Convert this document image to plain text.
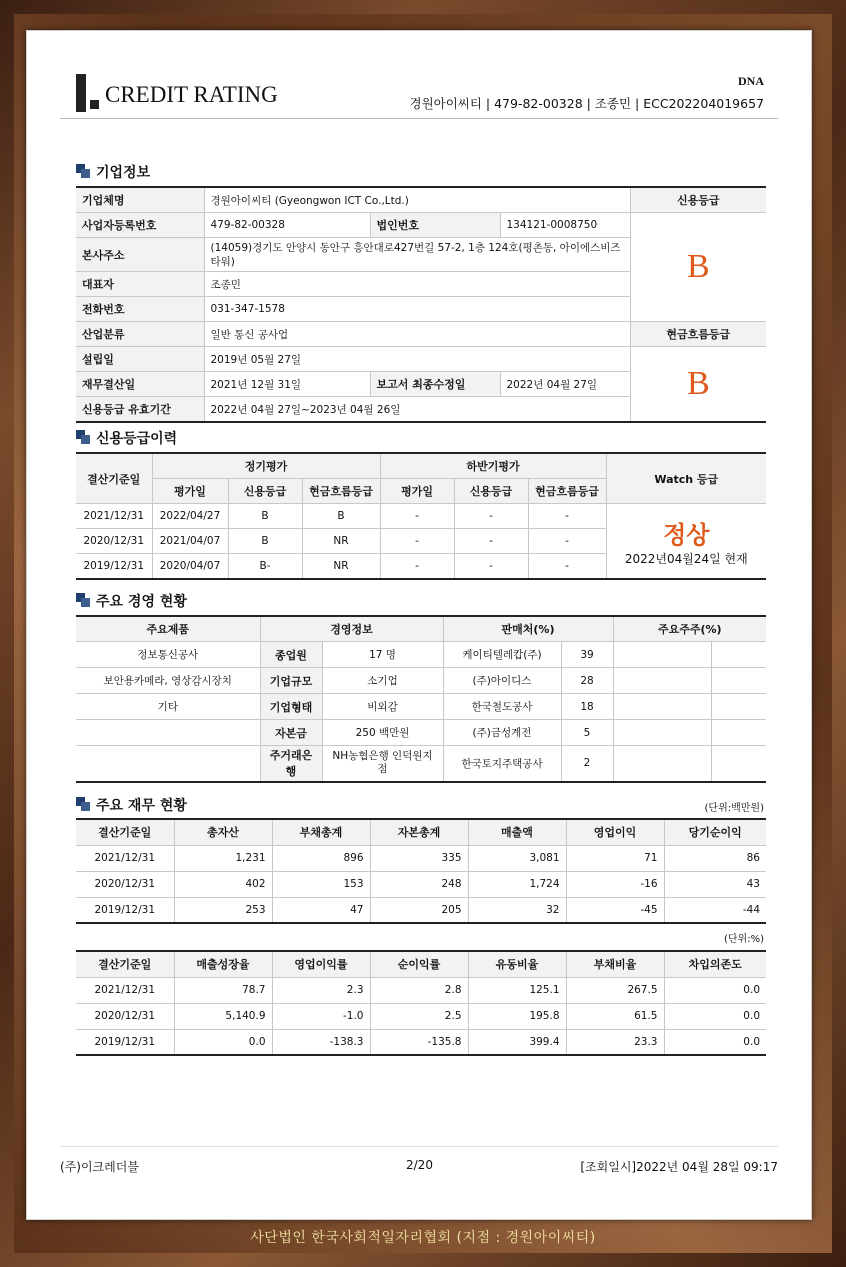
CREDIT RATING
DNA
경원아이씨티 | 479-82-00328 | 조종민 | ECC202204019657
기업정보
기업체명	경원아이씨티 (Gyeongwon ICT Co.,Ltd.)			신용등급
사업자등록번호	479-82-00328	법인번호	134121-0008750	B
본사주소	(14059)경기도 안양시 동안구 흥안대로427번길 57-2, 1층 124호(평촌동, 아이에스비즈타워)			
대표자	조종민			
전화번호	031-347-1578			
산업분류	일반 통신 공사업			현금흐름등급
설립일	2019년 05월 27일			B
재무결산일	2021년 12월 31일	보고서 최종수정일	2022년 04월 27일	
신용등급 유효기간	2022년 04월 27일~2023년 04월 26일			
신용등급이력
결산기준일	정기평가			하반기평가			Watch 등급
	평가일	신용등급	현금흐름등급	평가일	신용등급	현금흐름등급	
2021/12/31	2022/04/27	B	B	-	-	-	정상
2022년04월24일 현재

2020/12/31	2021/04/07	B	NR	-	-	-	
2019/12/31	2020/04/07	B-	NR	-	-	-	
주요 경영 현황
주요제품	경영정보		판매처(%)		주요주주(%)	
정보통신공사	종업원	17 명	케이티텔레캅(주)	39		
보안용카메라, 영상감시장치	기업규모	소기업	(주)아이디스	28		
기타	기업형태	비외감	한국철도공사	18		
	자본금	250 백만원	(주)금성계전	5		
	주거래은행	NH농협은행 인덕원지점	한국토지주택공사	2		
주요 재무 현황	(단위:백만원)
결산기준일	총자산	부채총계	자본총계	매출액	영업이익	당기순이익
2021/12/31	1,231	896	335	3,081	71	86
2020/12/31	402	153	248	1,724	-16	43
2019/12/31	253	47	205	32	-45	-44
(단위:%)
결산기준일	매출성장율	영업이익률	순이익률	유동비율	부채비율	차입의존도
2021/12/31	78.7	2.3	2.8	125.1	267.5	0.0
2020/12/31	5,140.9	-1.0	2.5	195.8	61.5	0.0
2019/12/31	0.0	-138.3	-135.8	399.4	23.3	0.0
(주)이크레더블	2/20	[조회일시]2022년 04월 28일 09:17
사단법인 한국사회적일자리협회 (지점 : 경원아이씨티)
